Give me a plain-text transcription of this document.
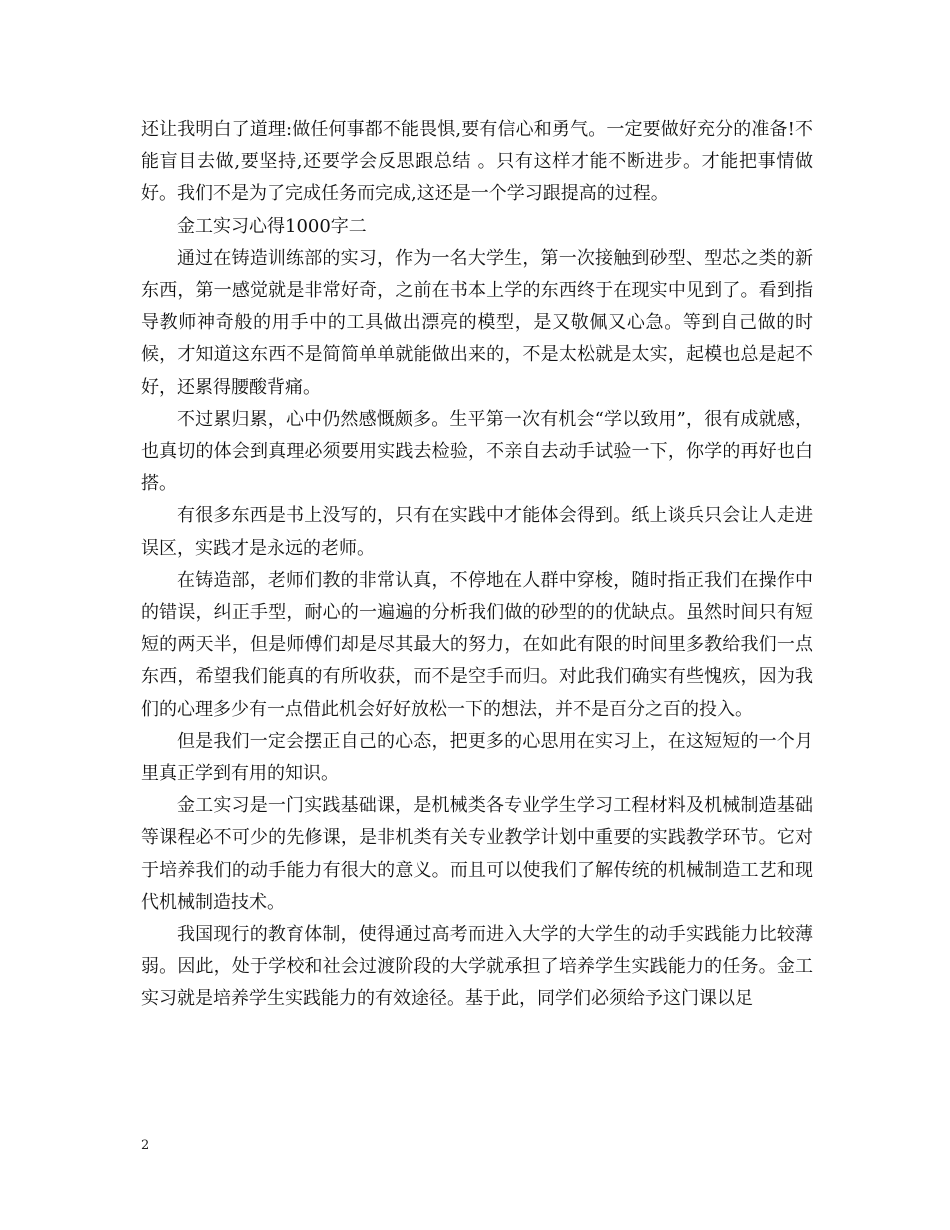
还让我明白了道理:做任何事都不能畏惧,要有信心和勇气。一定要做好充分的准备!不能盲目去做,要坚持,还要学会反思跟总结 。只有这样才能不断进步。才能把事情做好。我们不是为了完成任务而完成,这还是一个学习跟提高的过程。

金工实习心得1000字二

通过在铸造训练部的实习，作为一名大学生，第一次接触到砂型、型芯之类的新东西，第一感觉就是非常好奇，之前在书本上学的东西终于在现实中见到了。看到指导教师神奇般的用手中的工具做出漂亮的模型，是又敬佩又心急。等到自己做的时候，才知道这东西不是简简单单就能做出来的，不是太松就是太实，起模也总是起不好，还累得腰酸背痛。

不过累归累，心中仍然感慨颇多。生平第一次有机会“学以致用”，很有成就感，也真切的体会到真理必须要用实践去检验，不亲自去动手试验一下，你学的再好也白搭。

有很多东西是书上没写的，只有在实践中才能体会得到。纸上谈兵只会让人走进误区，实践才是永远的老师。

在铸造部，老师们教的非常认真，不停地在人群中穿梭，随时指正我们在操作中的错误，纠正手型，耐心的一遍遍的分析我们做的砂型的的优缺点。虽然时间只有短短的两天半，但是师傅们却是尽其最大的努力，在如此有限的时间里多教给我们一点东西，希望我们能真的有所收获，而不是空手而归。对此我们确实有些愧疚，因为我们的心理多少有一点借此机会好好放松一下的想法，并不是百分之百的投入。

但是我们一定会摆正自己的心态，把更多的心思用在实习上，在这短短的一个月里真正学到有用的知识。

金工实习是一门实践基础课，是机械类各专业学生学习工程材料及机械制造基础等课程必不可少的先修课，是非机类有关专业教学计划中重要的实践教学环节。它对于培养我们的动手能力有很大的意义。而且可以使我们了解传统的机械制造工艺和现代机械制造技术。

我国现行的教育体制，使得通过高考而进入大学的大学生的动手实践能力比较薄弱。因此，处于学校和社会过渡阶段的大学就承担了培养学生实践能力的任务。金工实习就是培养学生实践能力的有效途径。基于此，同学们必须给予这门课以足

2
